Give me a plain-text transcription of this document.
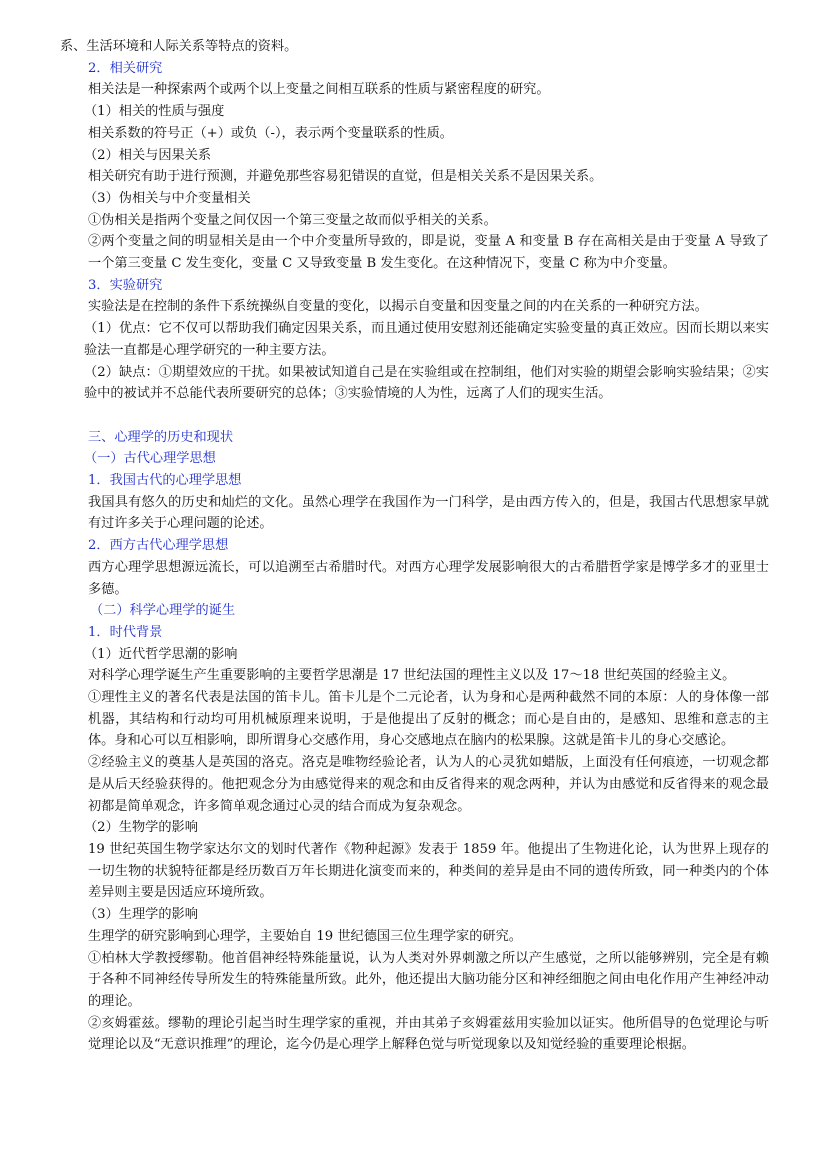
系、生活环境和人际关系等特点的资料。
2．相关研究
相关法是一种探索两个或两个以上变量之间相互联系的性质与紧密程度的研究。
（1）相关的性质与强度
相关系数的符号正（+）或负（-），表示两个变量联系的性质。
（2）相关与因果关系
相关研究有助于进行预测，并避免那些容易犯错误的直觉，但是相关关系不是因果关系。
（3）伪相关与中介变量相关
①伪相关是指两个变量之间仅因一个第三变量之故而似乎相关的关系。
②两个变量之间的明显相关是由一个中介变量所导致的，即是说，变量 A 和变量 B 存在高相关是由于变量 A 导致了一个第三变量 C 发生变化，变量 C 又导致变量 B 发生变化。在这种情况下，变量 C 称为中介变量。
3．实验研究
实验法是在控制的条件下系统操纵自变量的变化，以揭示自变量和因变量之间的内在关系的一种研究方法。
（1）优点：它不仅可以帮助我们确定因果关系，而且通过使用安慰剂还能确定实验变量的真正效应。因而长期以来实验法一直都是心理学研究的一种主要方法。
（2）缺点：①期望效应的干扰。如果被试知道自己是在实验组或在控制组，他们对实验的期望会影响实验结果；②实验中的被试并不总能代表所要研究的总体；③实验情境的人为性，远离了人们的现实生活。
三、心理学的历史和现状
（一）古代心理学思想
1．我国古代的心理学思想
我国具有悠久的历史和灿烂的文化。虽然心理学在我国作为一门科学，是由西方传入的，但是，我国古代思想家早就有过许多关于心理问题的论述。
2．西方古代心理学思想
西方心理学思想源远流长，可以追溯至古希腊时代。对西方心理学发展影响很大的古希腊哲学家是博学多才的亚里士多德。
（二）科学心理学的诞生
1．时代背景
（1）近代哲学思潮的影响
对科学心理学诞生产生重要影响的主要哲学思潮是 17 世纪法国的理性主义以及 17～18 世纪英国的经验主义。
①理性主义的著名代表是法国的笛卡儿。笛卡儿是个二元论者，认为身和心是两种截然不同的本原：人的身体像一部机器，其结构和行动均可用机械原理来说明，于是他提出了反射的概念；而心是自由的，是感知、思维和意志的主体。身和心可以互相影响，即所谓身心交感作用，身心交感地点在脑内的松果腺。这就是笛卡儿的身心交感论。
②经验主义的奠基人是英国的洛克。洛克是唯物经验论者，认为人的心灵犹如蜡版，上面没有任何痕迹，一切观念都是从后天经验获得的。他把观念分为由感觉得来的观念和由反省得来的观念两种，并认为由感觉和反省得来的观念最初都是简单观念，许多简单观念通过心灵的结合而成为复杂观念。
（2）生物学的影响
19 世纪英国生物学家达尔文的划时代著作《物种起源》发表于 1859 年。他提出了生物进化论，认为世界上现存的一切生物的状貌特征都是经历数百万年长期进化演变而来的，种类间的差异是由不同的遗传所致，同一种类内的个体差异则主要是因适应环境所致。
（3）生理学的影响
生理学的研究影响到心理学，主要始自 19 世纪德国三位生理学家的研究。
①柏林大学教授缪勒。他首倡神经特殊能量说，认为人类对外界刺激之所以产生感觉，之所以能够辨别，完全是有赖于各种不同神经传导所发生的特殊能量所致。此外，他还提出大脑功能分区和神经细胞之间由电化作用产生神经冲动的理论。
②亥姆霍兹。缪勒的理论引起当时生理学家的重视，并由其弟子亥姆霍兹用实验加以证实。他所倡导的色觉理论与听觉理论以及“无意识推理”的理论，迄今仍是心理学上解释色觉与听觉现象以及知觉经验的重要理论根据。
